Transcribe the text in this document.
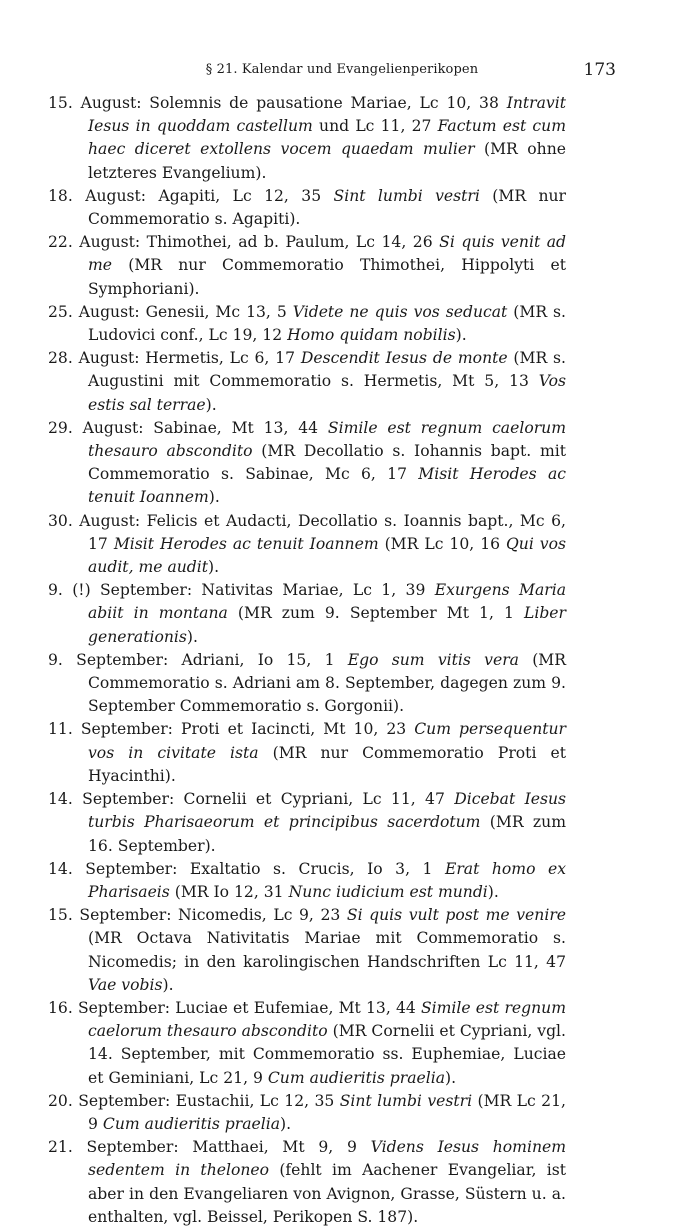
§ 21. Kalendar und Evangelienperikopen	173
15. August: Solemnis de pausatione Mariae, Lc 10, 38 Intravit Iesus in quoddam castellum und Lc 11, 27 Factum est cum haec diceret extollens vocem quaedam mulier (MR ohne letzteres Evangelium).
18. August: Agapiti, Lc 12, 35 Sint lumbi vestri (MR nur Commemoratio s. Agapiti).
22. August: Thimothei, ad b. Paulum, Lc 14, 26 Si quis venit ad me (MR nur Commemoratio Thimothei, Hippolyti et Symphoriani).
25. August: Genesii, Mc 13, 5 Videte ne quis vos seducat (MR s. Ludovici conf., Lc 19, 12 Homo quidam nobilis).
28. August: Hermetis, Lc 6, 17 Descendit Iesus de monte (MR s. Augustini mit Commemoratio s. Hermetis, Mt 5, 13 Vos estis sal terrae).
29. August: Sabinae, Mt 13, 44 Simile est regnum caelorum thesauro abscondito (MR Decollatio s. Iohannis bapt. mit Commemoratio s. Sabinae, Mc 6, 17 Misit Herodes ac tenuit Ioannem).
30. August: Felicis et Audacti, Decollatio s. Ioannis bapt., Mc 6, 17 Misit Herodes ac tenuit Ioannem (MR Lc 10, 16 Qui vos audit, me audit).
9. (!) September: Nativitas Mariae, Lc 1, 39 Exurgens Maria abiit in montana (MR zum 9. September Mt 1, 1 Liber generationis).
9. September: Adriani, Io 15, 1 Ego sum vitis vera (MR Commemoratio s. Adriani am 8. September, dagegen zum 9. September Commemoratio s. Gorgonii).
11. September: Proti et Iacincti, Mt 10, 23 Cum persequentur vos in civitate ista (MR nur Commemoratio Proti et Hyacinthi).
14. September: Cornelii et Cypriani, Lc 11, 47 Dicebat Iesus turbis Pharisaeorum et principibus sacerdotum (MR zum 16. September).
14. September: Exaltatio s. Crucis, Io 3, 1 Erat homo ex Pharisaeis (MR Io 12, 31 Nunc iudicium est mundi).
15. September: Nicomedis, Lc 9, 23 Si quis vult post me venire (MR Octava Nativitatis Mariae mit Commemoratio s. Nicomedis; in den karolingischen Handschriften Lc 11, 47 Vae vobis).
16. September: Luciae et Eufemiae, Mt 13, 44 Simile est regnum caelorum thesauro abscondito (MR Cornelii et Cypriani, vgl. 14. September, mit Commemoratio ss. Euphemiae, Luciae et Geminiani, Lc 21, 9 Cum audieritis praelia).
20. September: Eustachii, Lc 12, 35 Sint lumbi vestri (MR Lc 21, 9 Cum audieritis praelia).
21. September: Matthaei, Mt 9, 9 Videns Iesus hominem sedentem in theloneo (fehlt im Aachener Evangeliar, ist aber in den Evangeliaren von Avignon, Grasse, Süstern u. a. enthalten, vgl. Beissel, Perikopen S. 187).
